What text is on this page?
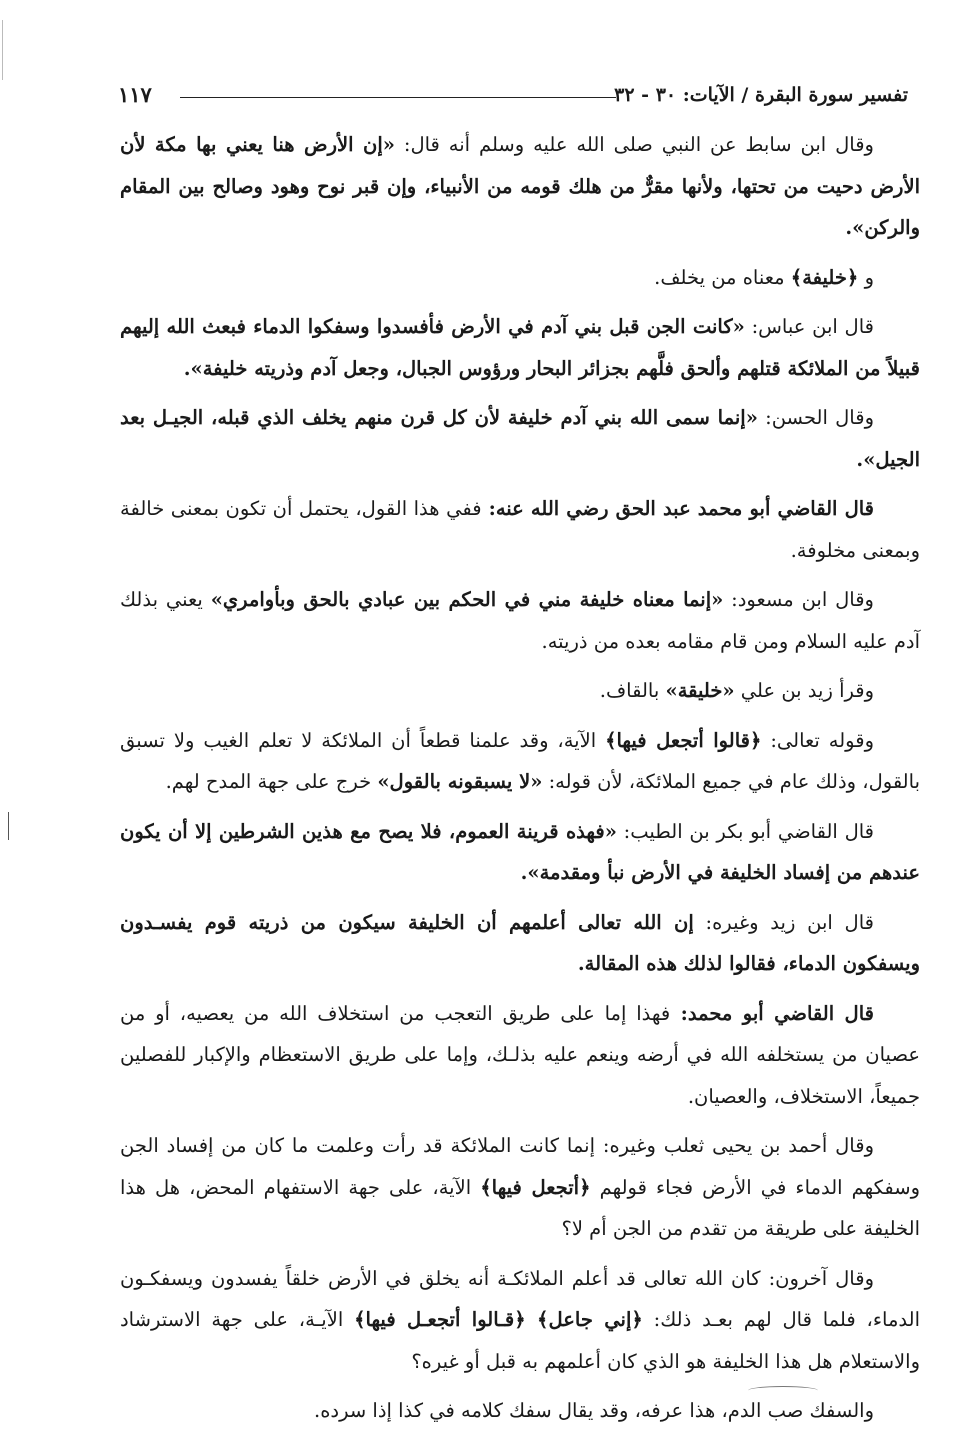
تفسير سورة البقرة / الآيات: ٣٠ - ٣٢
١١٧

وقال ابن سابط عن النبي صلى الله عليه وسلم أنه قال: «إن الأرض هنا يعني بها مكة لأن الأرض دحيت من تحتها، ولأنها مقرٌّ من هلك قومه من الأنبياء، وإن قبر نوح وهود وصالح بين المقام والركن».

و ﴿خليفة﴾ معناه من يخلف.

قال ابن عباس: «كانت الجن قبل بني آدم في الأرض فأفسدوا وسفكوا الدماء فبعث الله إليهم قبيلاً من الملائكة قتلهم وألحق فلَّهم بجزائر البحار ورؤوس الجبال، وجعل آدم وذريته خليفة».

وقال الحسن: «إنما سمى الله بني آدم خليفة لأن كل قرن منهم يخلف الذي قبله، الجيـل بعد الجيل».

قال القاضي أبو محمد عبد الحق رضي الله عنه: ففي هذا القول، يحتمل أن تكون بمعنى خالفة وبمعنى مخلوفة.

وقال ابن مسعود: «إنما معناه خليفة مني في الحكم بين عبادي بالحق وبأوامري» يعني بذلك آدم عليه السلام ومن قام مقامه بعده من ذريته.

وقرأ زيد بن علي «خليقة» بالقاف.

وقوله تعالى: ﴿قالوا أتجعل فيها﴾ الآية، وقد علمنا قطعاً أن الملائكة لا تعلم الغيب ولا تسبق بالقول، وذلك عام في جميع الملائكة، لأن قوله: «لا يسبقونه بالقول» خرج على جهة المدح لهم.

قال القاضي أبو بكر بن الطيب: «فهذه قرينة العموم، فلا يصح مع هذين الشرطين إلا أن يكون عندهم من إفساد الخليفة في الأرض نبأ ومقدمة».

قال ابن زيد وغيره: إن الله تعالى أعلمهم أن الخليفة سيكون من ذريته قوم يفسـدون ويسفكون الدماء، فقالوا لذلك هذه المقالة.

قال القاضي أبو محمد: فهذا إما على طريق التعجب من استخلاف الله من يعصيه، أو من عصيان من يستخلفه الله في أرضه وينعم عليه بذلـك، وإما على طريق الاستعظام والإكبار للفصلين جميعاً، الاستخلاف، والعصيان.

وقال أحمد بن يحيى ثعلب وغيره: إنما كانت الملائكة قد رأت وعلمت ما كان من إفساد الجن وسفكهم الدماء في الأرض فجاء قولهم ﴿أتجعل فيها﴾ الآية، على جهة الاستفهام المحض، هل هذا الخليفة على طريقة من تقدم من الجن أم لا؟

وقال آخرون: كان الله تعالى قد أعلم الملائكـة أنه يخلق في الأرض خلقاً يفسدون ويسفكـون الدماء، فلما قال لهم بعـد ذلك: ﴿إني جاعل﴾ ﴿قـالوا أتجعـل فيها﴾ الآيـة، على جهة الاسترشاد والاستعلام هل هذا الخليفة هو الذي كان أعلمهم به قبل أو غيره؟

والسفك صب الدم، هذا عرفه، وقد يقال سفك كلامه في كذا إذا سرده.
